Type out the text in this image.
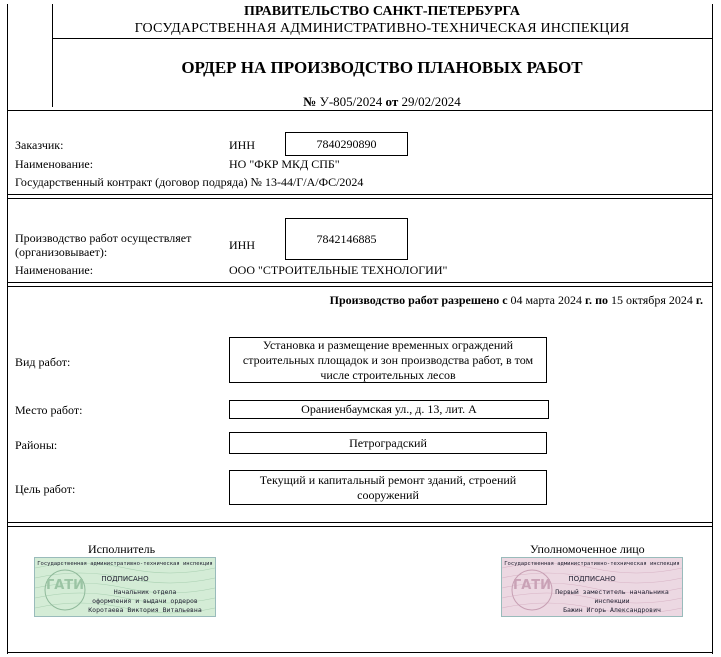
ПРАВИТЕЛЬСТВО САНКТ-ПЕТЕРБУРГА
ГОСУДАРСТВЕННАЯ АДМИНИСТРАТИВНО-ТЕХНИЧЕСКАЯ ИНСПЕКЦИЯ
ОРДЕР НА ПРОИЗВОДСТВО ПЛАНОВЫХ РАБОТ
№ У-805/2024 от 29/02/2024
Заказчик:	ИНН	7840290890
Наименование:	НО "ФКР МКД СПБ"
Государственный контракт (договор подряда) № 13-44/Г/А/ФС/2024
Производство работ осуществляет
(организовывает):	ИНН	7842146885
Наименование:	ООО "СТРОИТЕЛЬНЫЕ ТЕХНОЛОГИИ"
Производство работ разрешено с 04 марта 2024 г. по 15 октября 2024 г.
Вид работ:
Установка и размещение временных ограждений строительных площадок и зон производства работ, в том числе строительных лесов
Место работ:	Ораниенбаумская ул., д. 13, лит. А
Районы:	Петроградский
Цель работ:
Текущий и капитальный ремонт зданий, строений сооружений
Исполнитель	Уполномоченное лицо
ГАТИ
Государственная административно-техническая инспекция
ПОДПИСАНО
Начальник отдела
оформления и выдачи ордеров
Коротаева Виктория Витальевна
ГАТИ
Государственная административно-техническая инспекция
ПОДПИСАНО
Первый заместитель начальника
инспекции
Бажин Игорь Александрович
